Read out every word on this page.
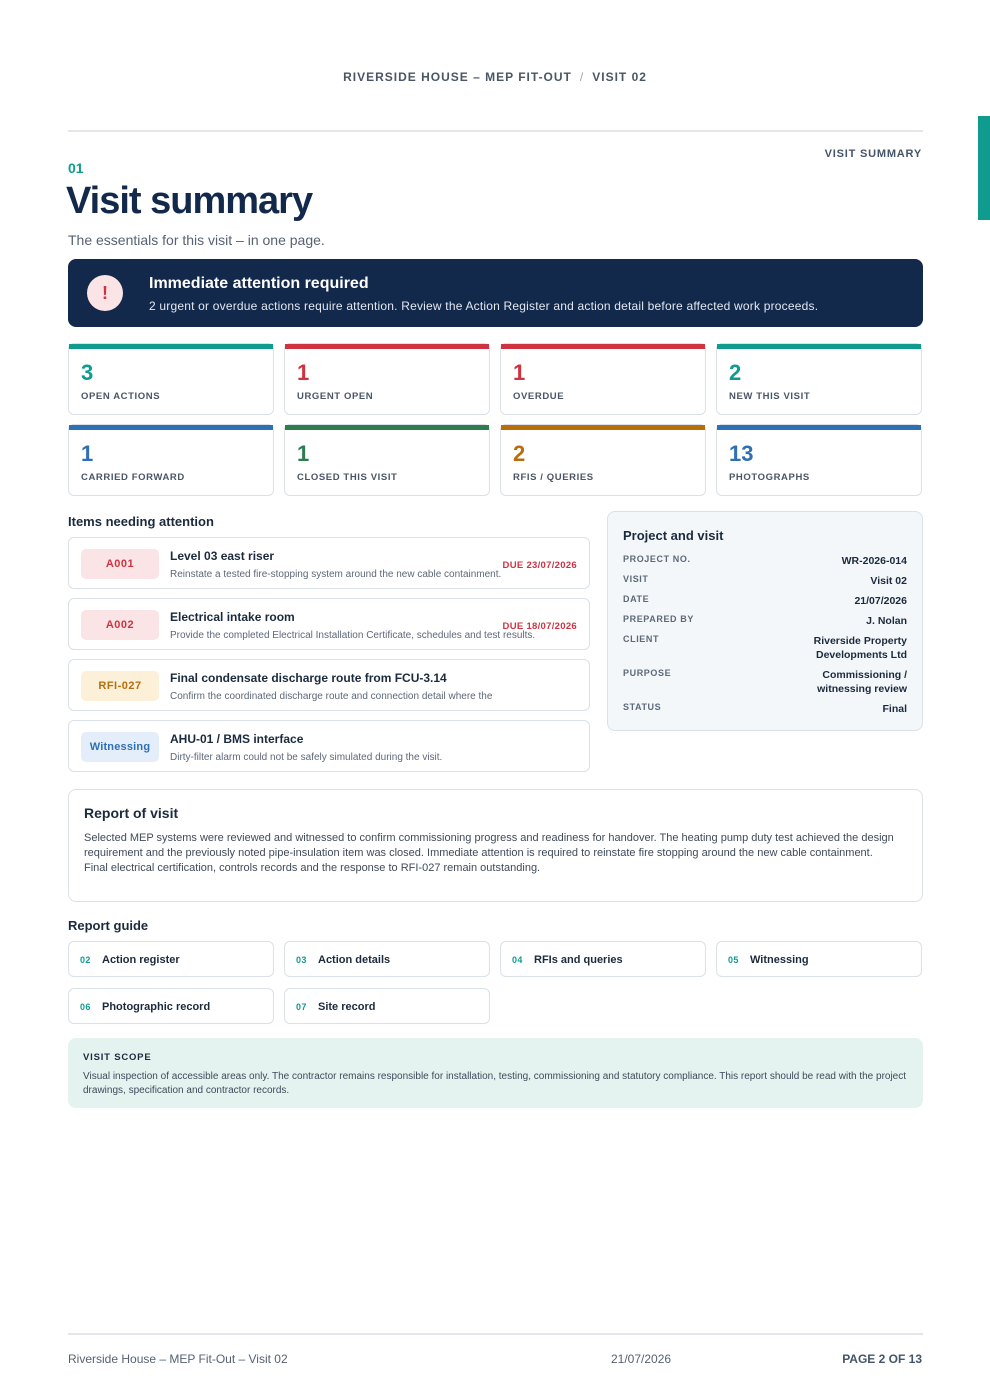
RIVERSIDE HOUSE – MEP FIT-OUT / VISIT 02
VISIT SUMMARY
01
Visit summary
The essentials for this visit – in one page.
!	Immediate attention required
2 urgent or overdue actions require attention. Review the Action Register and action detail before affected work proceeds.
3
OPEN ACTIONS
1
URGENT OPEN
1
OVERDUE
2
NEW THIS VISIT
1
CARRIED FORWARD
1
CLOSED THIS VISIT
2
RFIS / QUERIES
13
PHOTOGRAPHS
Items needing attention
A001
Level 03 east riser
Reinstate a tested fire-stopping system around the new cable containment.
DUE 23/07/2026
A002
Electrical intake room
Provide the completed Electrical Installation Certificate, schedules and test results.
DUE 18/07/2026
RFI-027
Final condensate discharge route from FCU-3.14
Confirm the coordinated discharge route and connection detail where the
Witnessing
AHU-01 / BMS interface
Dirty-filter alarm could not be safely simulated during the visit.
Project and visit
PROJECT NO.	WR-2026-014
VISIT	Visit 02
DATE	21/07/2026
PREPARED BY	J. Nolan
CLIENT	Riverside Property
Developments Ltd
PURPOSE	Commissioning /
witnessing review
STATUS	Final
Report of visit
Selected MEP systems were reviewed and witnessed to confirm commissioning progress and readiness for handover. The heating pump duty test achieved the design requirement and the previously noted pipe-insulation item was closed. Immediate attention is required to reinstate fire stopping around the new cable containment. Final electrical certification, controls records and the response to RFI-027 remain outstanding.
Report guide
02 Action register	03 Action details	04 RFIs and queries	05 Witnessing
06 Photographic record	07 Site record
VISIT SCOPE
Visual inspection of accessible areas only. The contractor remains responsible for installation, testing, commissioning and statutory compliance. This report should be read with the project drawings, specification and contractor records.
Riverside House – MEP Fit-Out – Visit 02	21/07/2026	PAGE 2 OF 13
